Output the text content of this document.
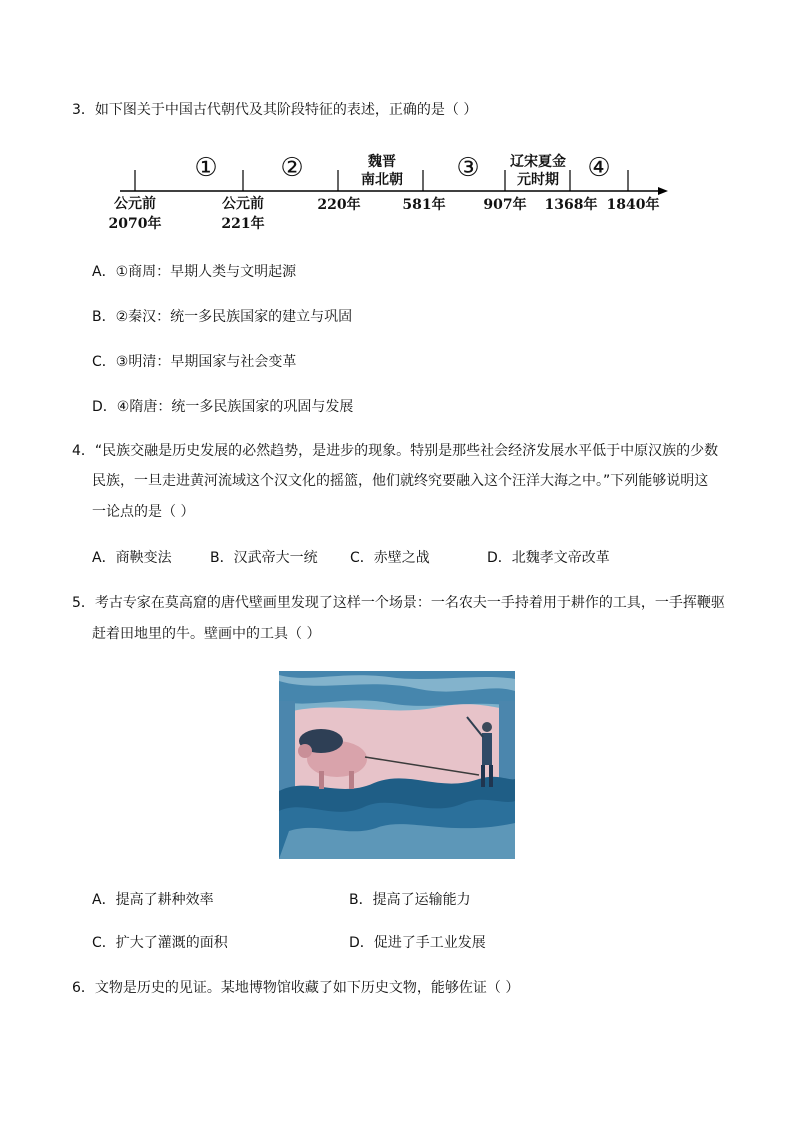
3．如下图关于中国古代朝代及其阶段特征的表述，正确的是（ ）
① ②	魏晋
南北朝	③	辽宋夏金
元时期	④
公元前
2070年
公元前
221年
220年	581年	907年 1368年 1840年
A．①商周：早期人类与文明起源
B．②秦汉：统一多民族国家的建立与巩固
C．③明清：早期国家与社会变革
D．④隋唐：统一多民族国家的巩固与发展
4．“民族交融是历史发展的必然趋势，是进步的现象。特别是那些社会经济发展水平低于中原汉族的少数
民族，一旦走进黄河流域这个汉文化的摇篮，他们就终究要融入这个汪洋大海之中。”下列能够说明这
一论点的是（ ）
A．商鞅变法	B．汉武帝大一统 C．赤壁之战	D．北魏孝文帝改革
5．考古专家在莫高窟的唐代壁画里发现了这样一个场景：一名农夫一手持着用于耕作的工具，一手挥鞭驱
赶着田地里的牛。壁画中的工具（ ）
A．提高了耕种效率	B．提高了运输能力
C．扩大了灌溉的面积	D．促进了手工业发展
6．文物是历史的见证。某地博物馆收藏了如下历史文物，能够佐证（ ）
